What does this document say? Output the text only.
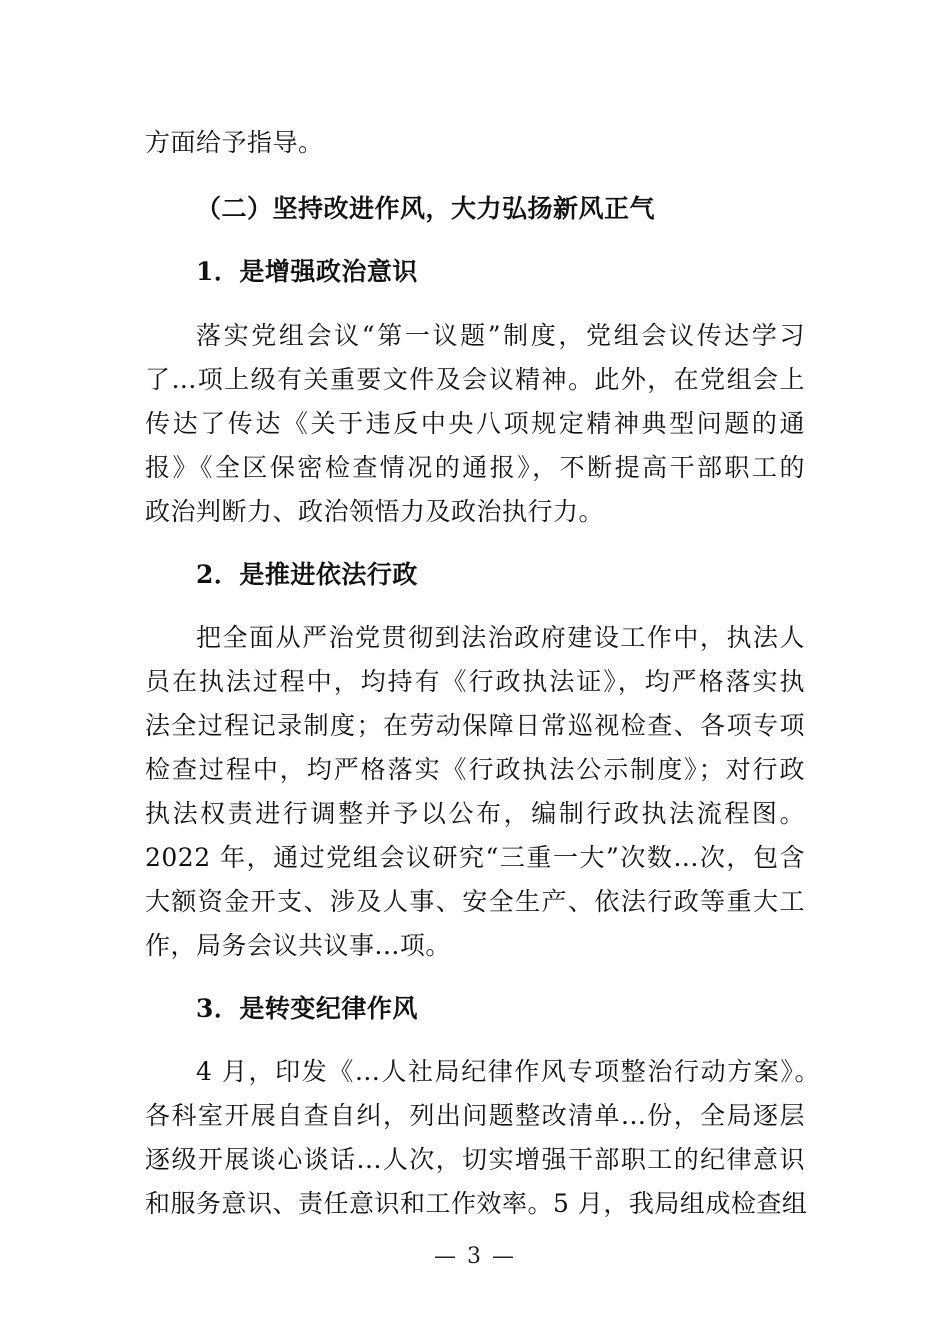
方面给予指导。
（二）坚持改进作风，大力弘扬新风正气
1．是增强政治意识
落实党组会议“第一议题”制度，党组会议传达学习
了...项上级有关重要文件及会议精神。此外，在党组会上
传达了传达《关于违反中央八项规定精神典型问题的通
报》《全区保密检查情况的通报》，不断提高干部职工的
政治判断力、政治领悟力及政治执行力。
2．是推进依法行政
把全面从严治党贯彻到法治政府建设工作中，执法人
员在执法过程中，均持有《行政执法证》，均严格落实执
法全过程记录制度；在劳动保障日常巡视检查、各项专项
检查过程中，均严格落实《行政执法公示制度》；对行政
执法权责进行调整并予以公布，编制行政执法流程图。
2022 年，通过党组会议研究“三重一大”次数...次，包含
大额资金开支、涉及人事、安全生产、依法行政等重大工
作，局务会议共议事...项。
3．是转变纪律作风
4 月，印发《...人社局纪律作风专项整治行动方案》。
各科室开展自查自纠，列出问题整改清单...份，全局逐层
逐级开展谈心谈话...人次，切实增强干部职工的纪律意识
和服务意识、责任意识和工作效率。5 月，我局组成检查组
— 3 —
